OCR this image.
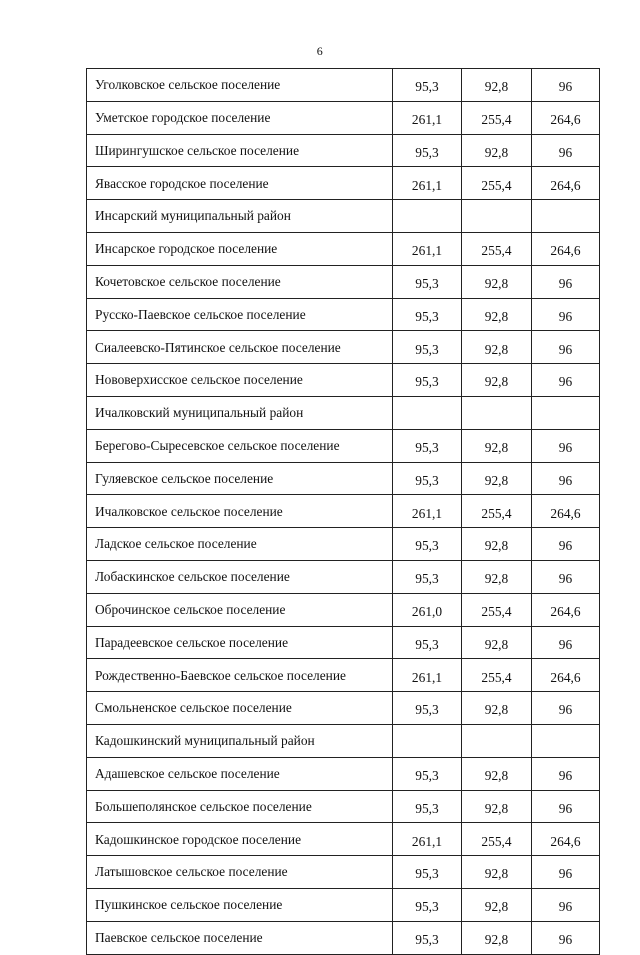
6
Уголковское сельское поселение	95,3	92,8	96
Уметское городское поселение	261,1	255,4	264,6
Ширингушское сельское поселение	95,3	92,8	96
Явасское городское поселение	261,1	255,4	264,6
Инсарский муниципальный район			
Инсарское городское поселение	261,1	255,4	264,6
Кочетовское сельское поселение	95,3	92,8	96
Русско-Паевское сельское поселение	95,3	92,8	96
Сиалеевско-Пятинское сельское поселение	95,3	92,8	96
Нововерхисское сельское поселение	95,3	92,8	96
Ичалковский муниципальный район			
Берегово-Сыресевское сельское поселение	95,3	92,8	96
Гуляевское сельское поселение	95,3	92,8	96
Ичалковское сельское поселение	261,1	255,4	264,6
Ладское сельское поселение	95,3	92,8	96
Лобаскинское сельское поселение	95,3	92,8	96
Оброчинское сельское поселение	261,0	255,4	264,6
Парадеевское сельское поселение	95,3	92,8	96
Рождественно-Баевское сельское поселение	261,1	255,4	264,6
Смольненское сельское поселение	95,3	92,8	96
Кадошкинский муниципальный район			
Адашевское сельское поселение	95,3	92,8	96
Большеполянское сельское поселение	95,3	92,8	96
Кадошкинское городское поселение	261,1	255,4	264,6
Латышовское сельское поселение	95,3	92,8	96
Пушкинское сельское поселение	95,3	92,8	96
Паевское сельское поселение	95,3	92,8	96
